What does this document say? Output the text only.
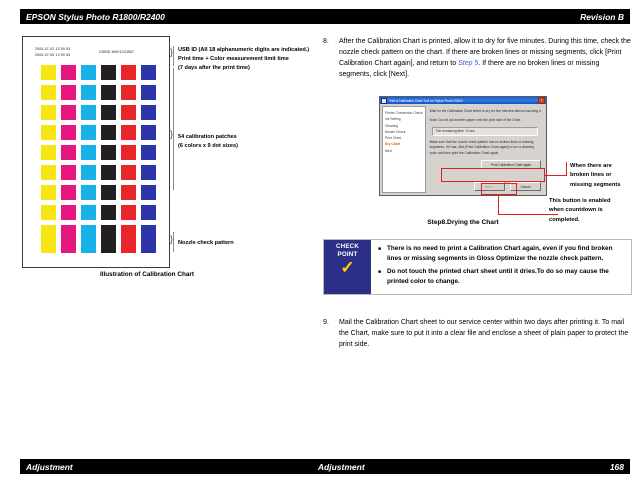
EPSON Stylus Photo R1800/R2400	Revision B
2004-07-02 13 59 53
2004-07-05 13 59 53
USBID MH01234567	} USB ID (All 18 alphanumeric digits are indicated.)
Print time + Color measurement limit time
(7 days after the print time)
} 54 calibration patches
(6 colors x 9 dot sizes)
} Nozzle check pattern
Illustration of Calibration Chart
8.	After the Calibration Chart is printed, allow it to dry for five minutes. During this time, check the nozzle check pattern on the chart. If there are broken lines or missing segments, click [Print Calibration Chart again], and return to Step 5. If there are no broken lines or missing segments, click [Next].
Print a Calibration Chart Tool for Stylus Photo R1800	x
Printer Connection Check
Ink Setting
Cleaning
Nozzle Check
Print Chart
Dry Chart
Next
Wait for the Calibration Chart sheet to dry for five minutes without touching it.
Note: Do not put another paper onto the print side of the Chart.
The remaining time : 0 sec.
Make sure that the nozzle check pattern has no broken lines or missing segments. If it has, click [Print Calibration Chart again] to run a cleaning cycle and then print the Calibration Chart again.
Print Calibration Chart again
Next >	Cancel
When there are
broken lines or
missing segments
This button is enabled
when countdown is
completed.
Step8.Drying the Chart
CHECK
POINT
✓
■ There is no need to print a Calibration Chart again, even if you find broken lines or missing segments in Gloss Optimizer the nozzle check pattern.
■ Do not touch the printed chart sheet until it dries.To do so may cause the printed color to change.
9.	Mail the Calibration Chart sheet to our service center within two days after printing it. To mail the Chart, make sure to put it into a clear file and enclose a sheet of plain paper to protect the print side.
Adjustment	Adjustment	168
